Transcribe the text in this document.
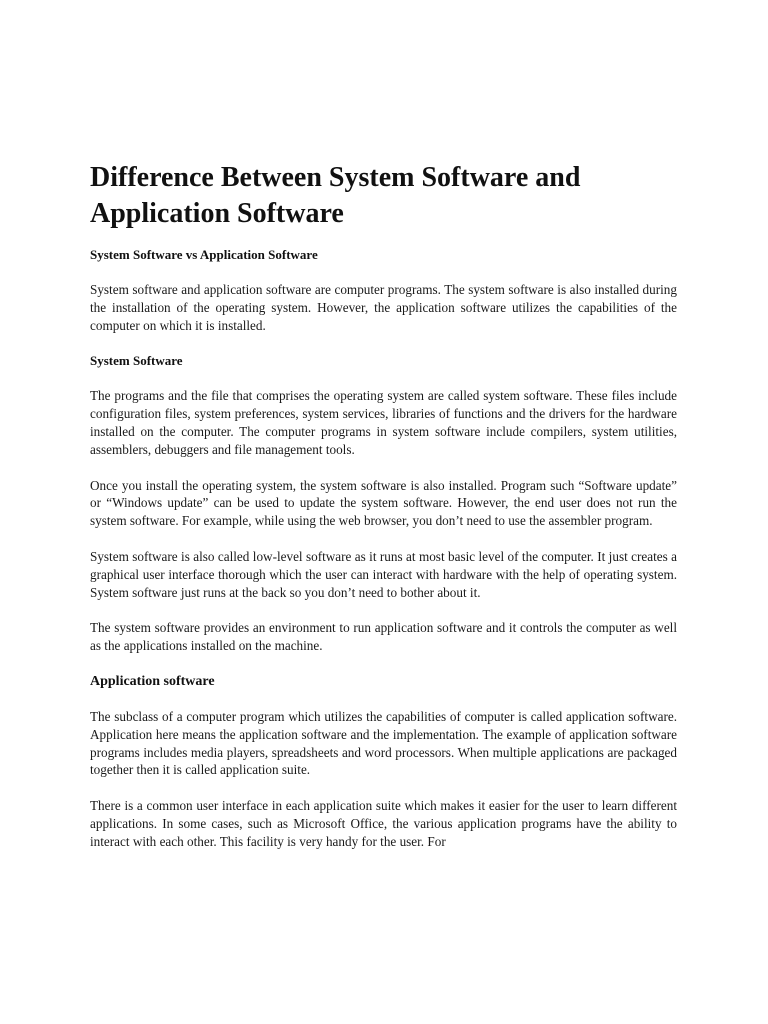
Difference Between System Software and Application Software
System Software vs Application Software

System software and application software are computer programs. The system software is also installed during the installation of the operating system. However, the application software utilizes the capabilities of the computer on which it is installed.

System Software

The programs and the file that comprises the operating system are called system software. These files include configuration files, system preferences, system services, libraries of functions and the drivers for the hardware installed on the computer. The computer programs in system software include compilers, system utilities, assemblers, debuggers and file management tools.

Once you install the operating system, the system software is also installed. Program such “Software update” or “Windows update” can be used to update the system software. However, the end user does not run the system software. For example, while using the web browser, you don’t need to use the assembler program.

System software is also called low-level software as it runs at most basic level of the computer. It just creates a graphical user interface thorough which the user can interact with hardware with the help of operating system. System software just runs at the back so you don’t need to bother about it.

The system software provides an environment to run application software and it controls the computer as well as the applications installed on the machine.

Application software

The subclass of a computer program which utilizes the capabilities of computer is called application software. Application here means the application software and the implementation. The example of application software programs includes media players, spreadsheets and word processors. When multiple applications are packaged together then it is called application suite.

There is a common user interface in each application suite which makes it easier for the user to learn different applications. In some cases, such as Microsoft Office, the various application programs have the ability to interact with each other. This facility is very handy for the user. For
